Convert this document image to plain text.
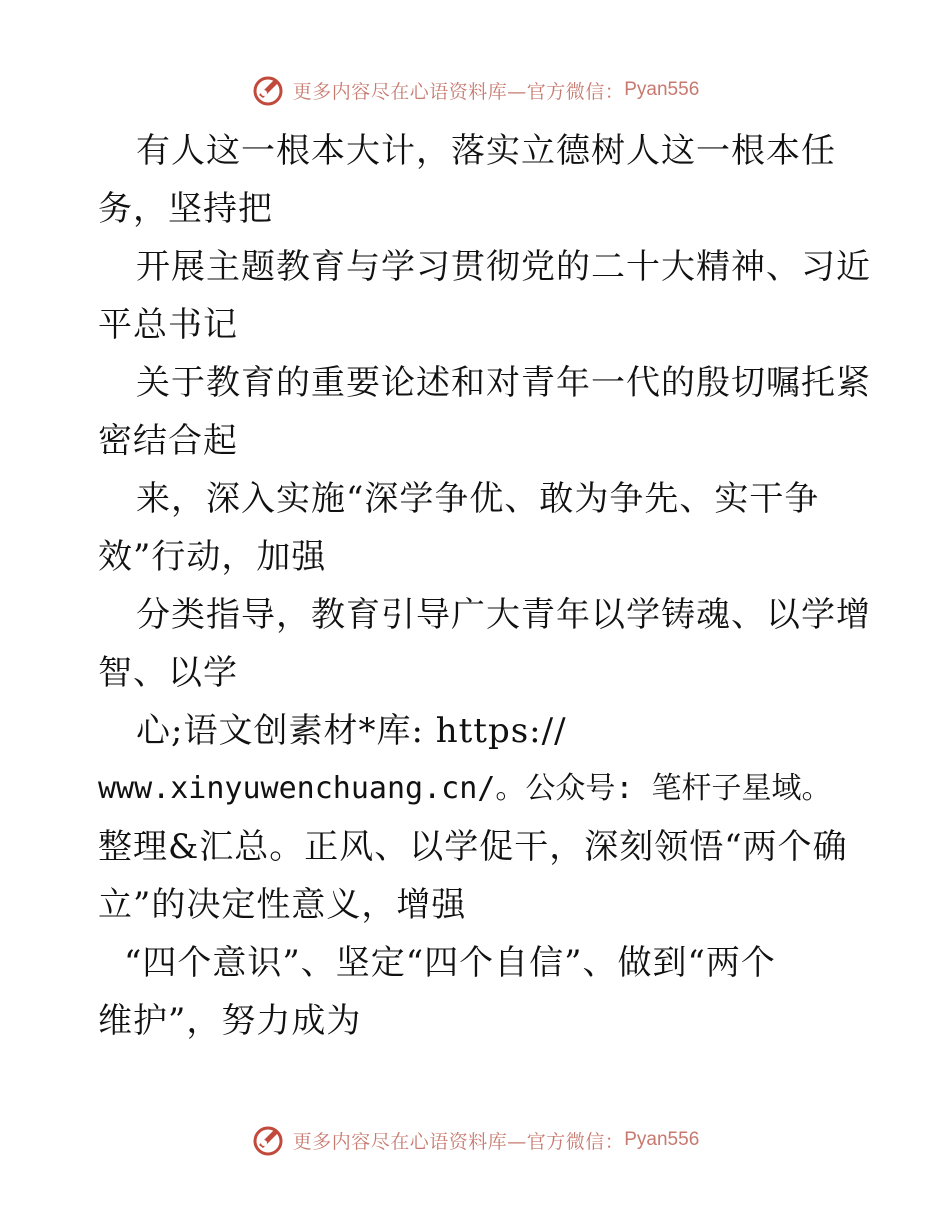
更多内容尽在心语资料库—官方微信： Pyan556
有人这一根本大计，落实立德树人这一根本任
务，坚持把
开展主题教育与学习贯彻党的二十大精神、习近
平总书记
关于教育的重要论述和对青年一代的殷切嘱托紧
密结合起
来，深入实施“深学争优、敢为争先、实干争
效”行动，加强
分类指导，教育引导广大青年以学铸魂、以学增
智、以学
心;语文创素材*库: https://
www.xinyuwenchuang.cn/。公众号: 笔杆子星域。
整理&汇总。正风、以学促干，深刻领悟“两个确
立”的决定性意义，增强
“四个意识”、坚定“四个自信”、做到“两个
维护”，努力成为
更多内容尽在心语资料库—官方微信： Pyan556
